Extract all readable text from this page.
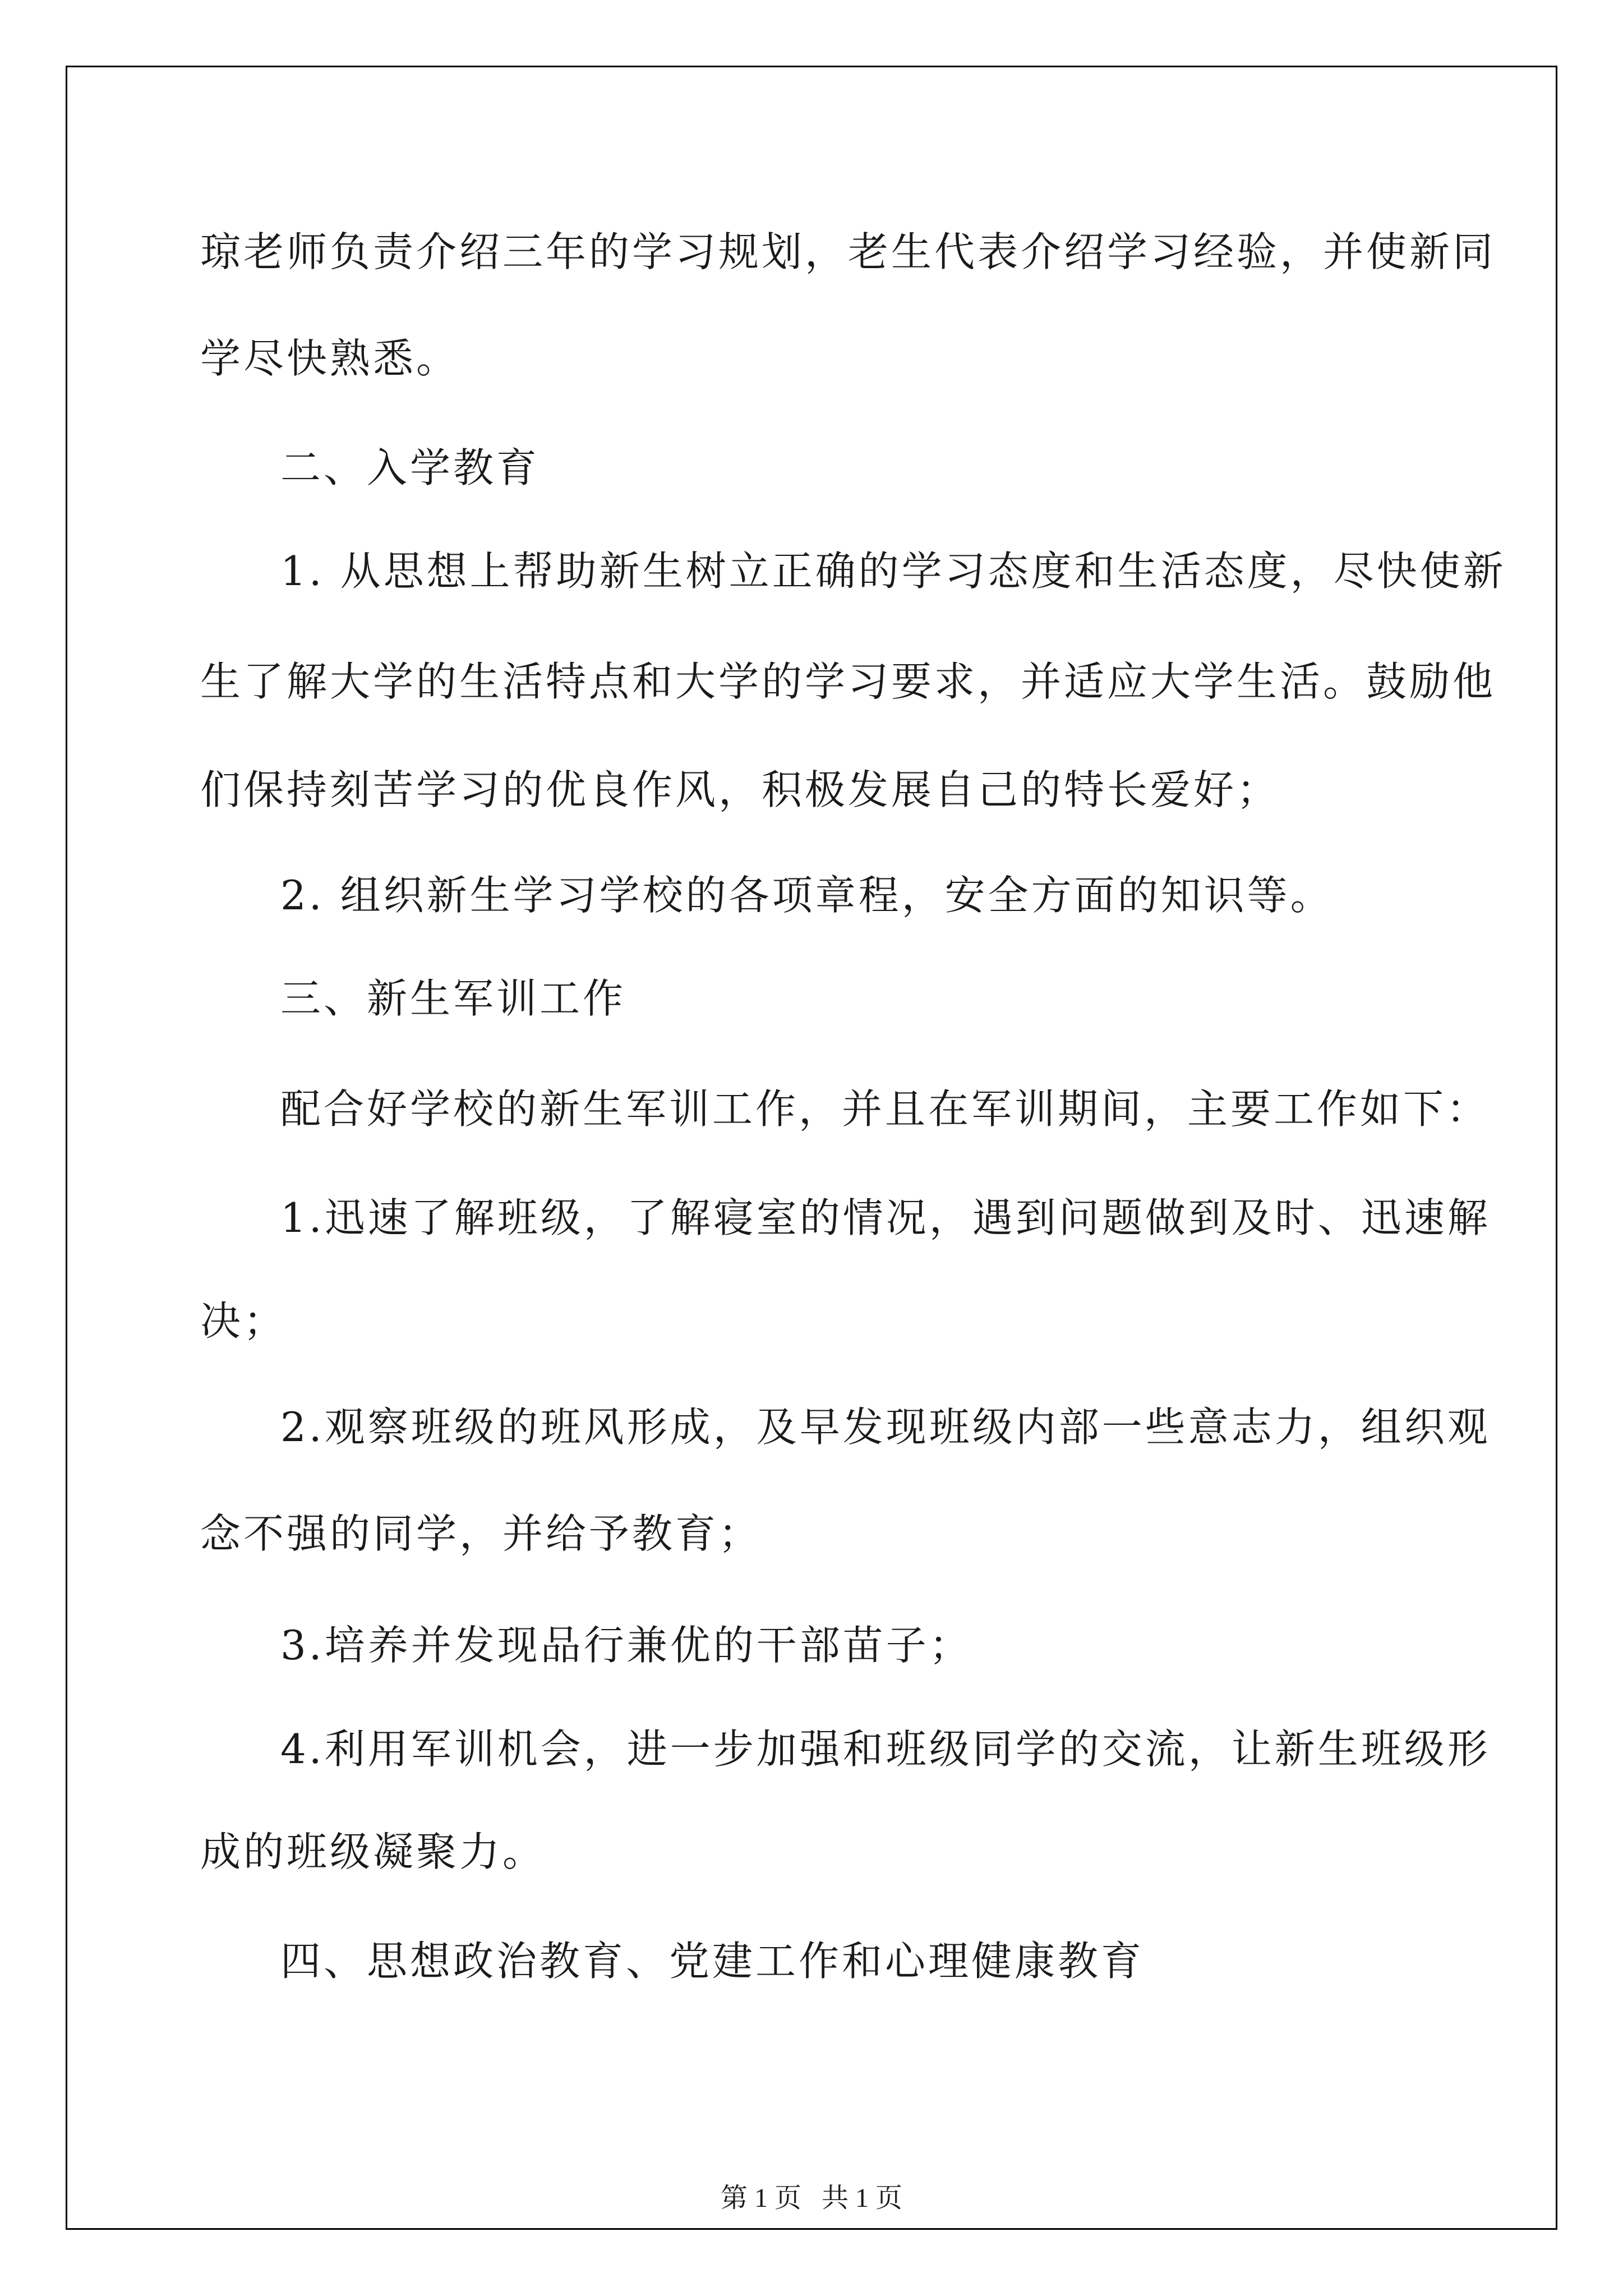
琼老师负责介绍三年的学习规划，老生代表介绍学习经验，并使新同
学尽快熟悉。
二、入学教育
1. 从思想上帮助新生树立正确的学习态度和生活态度，尽快使新
生了解大学的生活特点和大学的学习要求，并适应大学生活。鼓励他
们保持刻苦学习的优良作风，积极发展自己的特长爱好；
2. 组织新生学习学校的各项章程，安全方面的知识等。
三、新生军训工作
配合好学校的新生军训工作，并且在军训期间，主要工作如下：
1.迅速了解班级，了解寝室的情况，遇到问题做到及时、迅速解
决；
2.观察班级的班风形成，及早发现班级内部一些意志力，组织观
念不强的同学，并给予教育；
3.培养并发现品行兼优的干部苗子；
4.利用军训机会，进一步加强和班级同学的交流，让新生班级形
成的班级凝聚力。
四、思想政治教育、党建工作和心理健康教育
第 1 页   共 1 页
